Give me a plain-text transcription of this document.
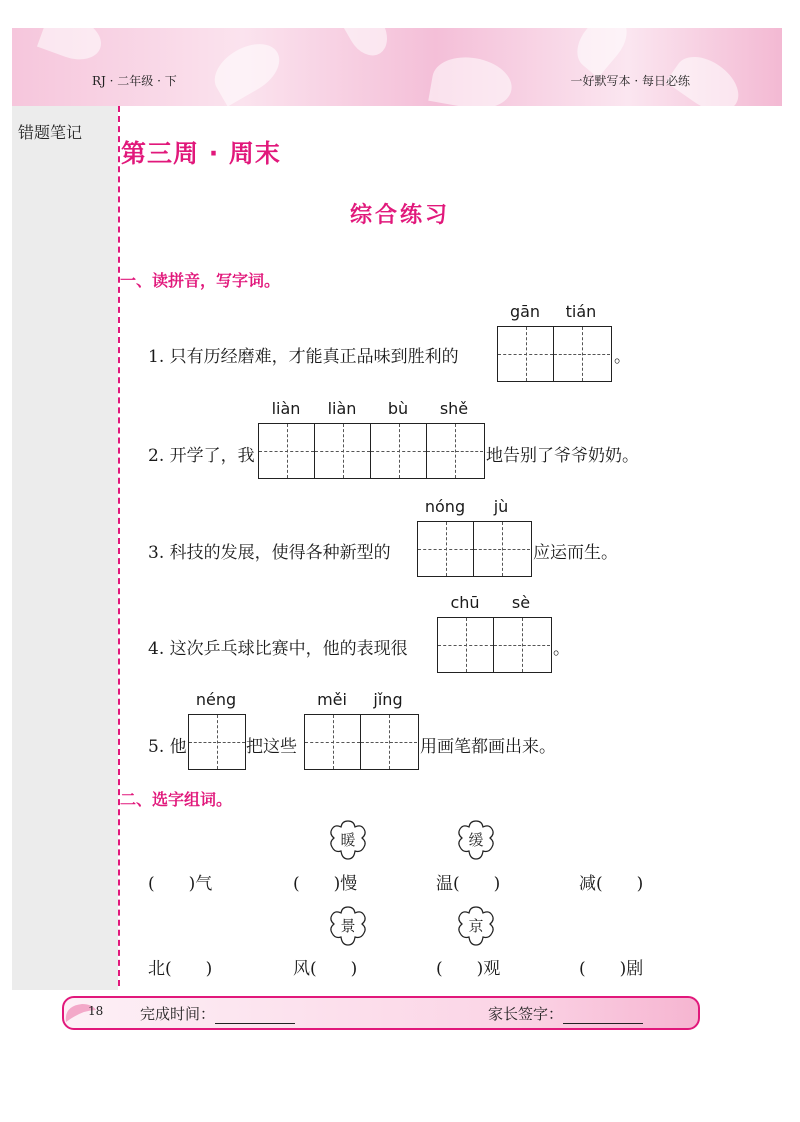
RJ · 二年级 · 下	一好默写本 · 每日必练
错题笔记
第三周 · 周末
综合练习
一、读拼音，写字词。
gān	tián
1. 只有历经磨难，才能真正品味到胜利的	。
liàn	liàn	bù	shě
2. 开学了，我	地告别了爷爷奶奶。
nóng	jù
3. 科技的发展，使得各种新型的	应运而生。
chū	sè
4. 这次乒乓球比赛中，他的表现很	。
néng	měi	jǐng
5. 他	把这些	用画笔都画出来。
二、选字组词。
暖	缓
(　　)气	(　　)慢	温(　　)	减(　　)
景	京
北(　　)	风(　　)	(　　)观	(　　)剧
18 完成时间：	家长签字：
